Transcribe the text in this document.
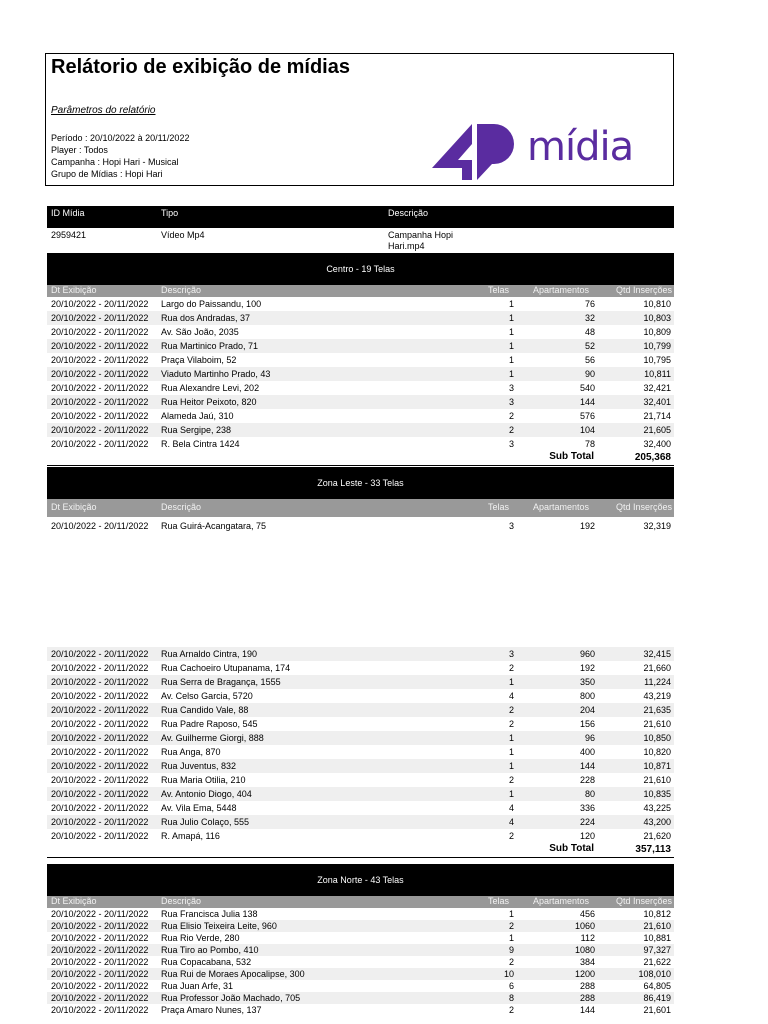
Relátorio de exibição de mídias
Parâmetros do relatório
Período : 20/10/2022 à 20/11/2022
Player : Todos
Campanha : Hopi Hari - Musical
Grupo de Mídias : Hopi Hari
mídia
ID Mídia	Tipo	Descrição
2959421	Vídeo Mp4	Campanha Hopi
Hari.mp4
Centro - 19 Telas
Dt Exibição	Descrição	Telas	Apartamentos	Qtd Inserções
20/10/2022 - 20/11/2022 Largo do Paissandu, 100	1	76	10,810
20/10/2022 - 20/11/2022 Rua dos Andradas, 37	1	32	10,803
20/10/2022 - 20/11/2022 Av. São João, 2035	1	48	10,809
20/10/2022 - 20/11/2022 Rua Martinico Prado, 71	1	52	10,799
20/10/2022 - 20/11/2022 Praça Vilaboim, 52	1	56	10,795
20/10/2022 - 20/11/2022 Viaduto Martinho Prado, 43	1	90	10,811
20/10/2022 - 20/11/2022 Rua Alexandre Levi, 202	3	540	32,421
20/10/2022 - 20/11/2022 Rua Heitor Peixoto, 820	3	144	32,401
20/10/2022 - 20/11/2022 Alameda Jaú, 310	2	576	21,714
20/10/2022 - 20/11/2022 Rua Sergipe, 238	2	104	21,605
20/10/2022 - 20/11/2022 R. Bela Cintra 1424	3	78	32,400
Sub Total	205,368
Zona Leste - 33 Telas
Dt Exibição	Descrição	Telas	Apartamentos	Qtd Inserções
20/10/2022 - 20/11/2022 Rua Guirá-Acangatara, 75	3	192	32,319
20/10/2022 - 20/11/2022 Rua Arnaldo Cintra, 190	3	960	32,415
20/10/2022 - 20/11/2022 Rua Cachoeiro Utupanama, 174	2	192	21,660
20/10/2022 - 20/11/2022 Rua Serra de Bragança, 1555	1	350	11,224
20/10/2022 - 20/11/2022 Av. Celso Garcia, 5720	4	800	43,219
20/10/2022 - 20/11/2022 Rua Candido Vale, 88	2	204	21,635
20/10/2022 - 20/11/2022 Rua Padre Raposo, 545	2	156	21,610
20/10/2022 - 20/11/2022 Av. Guilherme Giorgi, 888	1	96	10,850
20/10/2022 - 20/11/2022 Rua Anga, 870	1	400	10,820
20/10/2022 - 20/11/2022 Rua Juventus, 832	1	144	10,871
20/10/2022 - 20/11/2022 Rua Maria Otilia, 210	2	228	21,610
20/10/2022 - 20/11/2022 Av. Antonio Diogo, 404	1	80	10,835
20/10/2022 - 20/11/2022 Av. Vila Ema, 5448	4	336	43,225
20/10/2022 - 20/11/2022 Rua Julio Colaço, 555	4	224	43,200
20/10/2022 - 20/11/2022 R. Amapá, 116	2	120	21,620
Sub Total	357,113
Zona Norte - 43 Telas
Dt Exibição	Descrição	Telas	Apartamentos	Qtd Inserções
20/10/2022 - 20/11/2022 Rua Francisca Julia 138	1	456	10,812
20/10/2022 - 20/11/2022 Rua Elisio Teixeira Leite, 960	2	1060	21,610
20/10/2022 - 20/11/2022 Rua Rio Verde, 280	1	112	10,881
20/10/2022 - 20/11/2022 Rua Tiro ao Pombo, 410	9	1080	97,327
20/10/2022 - 20/11/2022 Rua Copacabana, 532	2	384	21,622
20/10/2022 - 20/11/2022 Rua Rui de Moraes Apocalipse, 300	10	1200	108,010
20/10/2022 - 20/11/2022 Rua Juan Arfe, 31	6	288	64,805
20/10/2022 - 20/11/2022 Rua Professor João Machado, 705	8	288	86,419
20/10/2022 - 20/11/2022 Praça Amaro Nunes, 137	2	144	21,601
